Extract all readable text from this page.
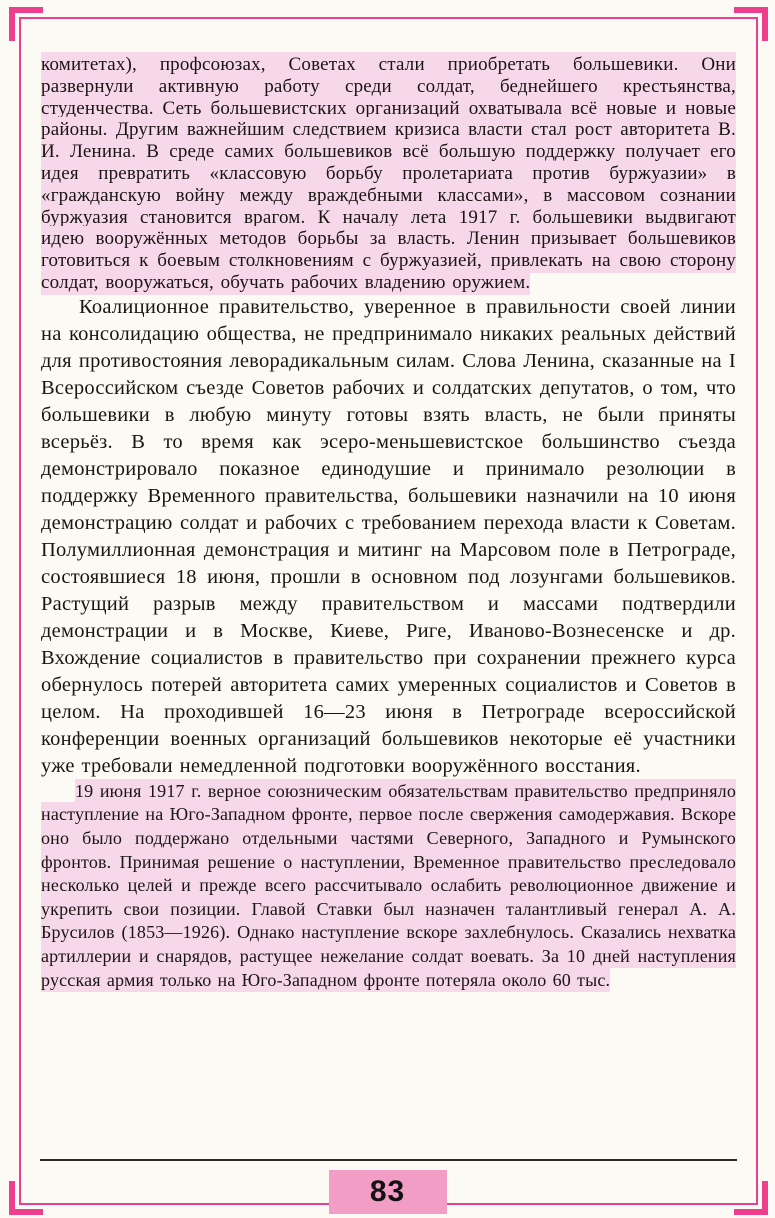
комитетах), профсоюзах, Советах стали приобретать большевики. Они развернули активную работу среди солдат, беднейшего крестьянства, студенчества. Сеть большевистских организаций охватывала всё новые и новые районы. Другим важнейшим следствием кризиса власти стал рост авторитета В. И. Ленина. В среде самих большевиков всё большую поддержку получает его идея превратить «классовую борьбу пролетариата против буржуазии» в «гражданскую войну между враждебными классами», в массовом сознании буржуазия становится врагом. К началу лета 1917 г. большевики выдвигают идею вооружённых методов борьбы за власть. Ленин призывает большевиков готовиться к боевым столкновениям с буржуазией, привлекать на свою сторону солдат, вооружаться, обучать рабочих владению оружием.

Коалиционное правительство, уверенное в правильности своей линии на консолидацию общества, не предпринимало никаких реальных действий для противостояния леворадикальным силам. Слова Ленина, сказанные на I Всероссийском съезде Советов рабочих и солдатских депутатов, о том, что большевики в любую минуту готовы взять власть, не были приняты всерьёз. В то время как эсеро-меньшевистское большинство съезда демонстрировало показное единодушие и принимало резолюции в поддержку Временного правительства, большевики назначили на 10 июня демонстрацию солдат и рабочих с требованием перехода власти к Советам. Полумиллионная демонстрация и митинг на Марсовом поле в Петрограде, состоявшиеся 18 июня, прошли в основном под лозунгами большевиков. Растущий разрыв между правительством и массами подтвердили демонстрации и в Москве, Киеве, Риге, Иваново-Вознесенске и др. Вхождение социалистов в правительство при сохранении прежнего курса обернулось потерей авторитета самих умеренных социалистов и Советов в целом. На проходившей 16—23 июня в Петрограде всероссийской конференции военных организаций большевиков некоторые её участники уже требовали немедленной подготовки вооружённого восстания.

19 июня 1917 г. верное союзническим обязательствам правительство предприняло наступление на Юго-Западном фронте, первое после свержения самодержавия. Вскоре оно было поддержано отдельными частями Северного, Западного и Румынского фронтов. Принимая решение о наступлении, Временное правительство преследовало несколько целей и прежде всего рассчитывало ослабить революционное движение и укрепить свои позиции. Главой Ставки был назначен талантливый генерал А. А. Брусилов (1853—1926). Однако наступление вскоре захлебнулось. Сказались нехватка артиллерии и снарядов, растущее нежелание солдат воевать. За 10 дней наступления русская армия только на Юго-Западном фронте потеряла около 60 тыс.

83
